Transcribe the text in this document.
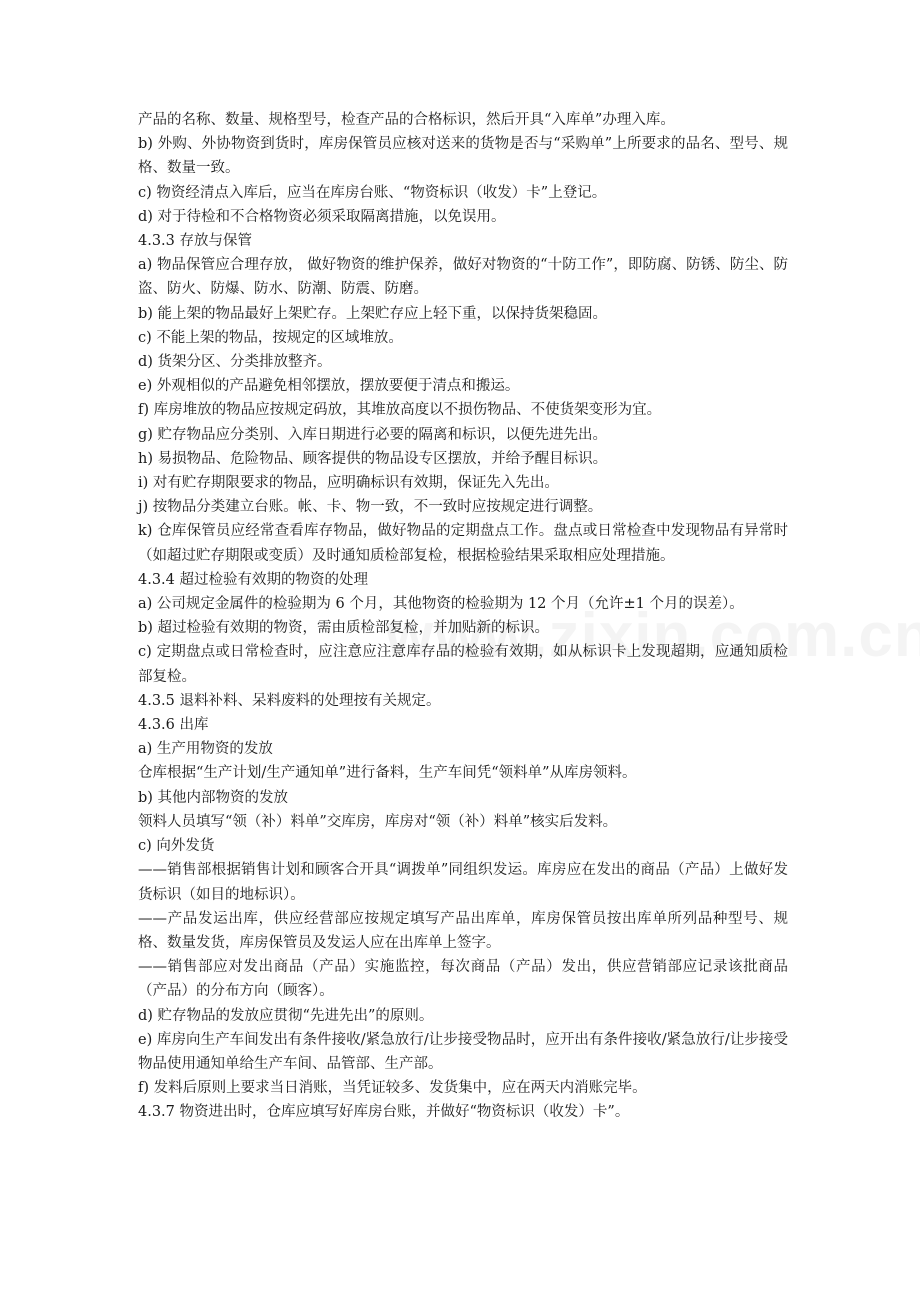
产品的名称、数量、规格型号，检查产品的合格标识，然后开具“入库单”办理入库。

b) 外购、外协物资到货时，库房保管员应核对送来的货物是否与“采购单”上所要求的品名、型号、规格、数量一致。

c) 物资经清点入库后，应当在库房台账、“物资标识（收发）卡”上登记。

d) 对于待检和不合格物资必须采取隔离措施，以免误用。

4.3.3 存放与保管

a) 物品保管应合理存放， 做好物资的维护保养，做好对物资的“十防工作”，即防腐、防锈、防尘、防盗、防火、防爆、防水、防潮、防震、防磨。

b) 能上架的物品最好上架贮存。上架贮存应上轻下重，以保持货架稳固。

c) 不能上架的物品，按规定的区域堆放。

d) 货架分区、分类排放整齐。

e) 外观相似的产品避免相邻摆放，摆放要便于清点和搬运。

f) 库房堆放的物品应按规定码放，其堆放高度以不损伤物品、不使货架变形为宜。

g) 贮存物品应分类别、入库日期进行必要的隔离和标识，以便先进先出。

h) 易损物品、危险物品、顾客提供的物品设专区摆放，并给予醒目标识。

i) 对有贮存期限要求的物品，应明确标识有效期，保证先入先出。

j) 按物品分类建立台账。帐、卡、物一致，不一致时应按规定进行调整。

k) 仓库保管员应经常查看库存物品，做好物品的定期盘点工作。盘点或日常检查中发现物品有异常时（如超过贮存期限或变质）及时通知质检部复检，根据检验结果采取相应处理措施。

4.3.4 超过检验有效期的物资的处理

a) 公司规定金属件的检验期为 6 个月，其他物资的检验期为 12 个月（允许±1 个月的误差）。

b) 超过检验有效期的物资，需由质检部复检，并加贴新的标识。

c) 定期盘点或日常检查时，应注意应注意库存品的检验有效期，如从标识卡上发现超期，应通知质检部复检。

4.3.5 退料补料、呆料废料的处理按有关规定。

4.3.6 出库

a) 生产用物资的发放

仓库根据“生产计划/生产通知单”进行备料，生产车间凭“领料单”从库房领料。

b) 其他内部物资的发放

领料人员填写“领（补）料单”交库房，库房对“领（补）料单”核实后发料。

c) 向外发货

——销售部根据销售计划和顾客合开具“调拨单”同组织发运。库房应在发出的商品（产品）上做好发货标识（如目的地标识）。

——产品发运出库，供应经营部应按规定填写产品出库单，库房保管员按出库单所列品种型号、规格、数量发货，库房保管员及发运人应在出库单上签字。

——销售部应对发出商品（产品）实施监控，每次商品（产品）发出，供应营销部应记录该批商品（产品）的分布方向（顾客）。

d) 贮存物品的发放应贯彻“先进先出”的原则。

e) 库房向生产车间发出有条件接收/紧急放行/让步接受物品时，应开出有条件接收/紧急放行/让步接受物品使用通知单给生产车间、品管部、生产部。

f) 发料后原则上要求当日消账，当凭证较多、发货集中，应在两天内消账完毕。

4.3.7 物资进出时，仓库应填写好库房台账，并做好“物资标识（收发）卡”。
